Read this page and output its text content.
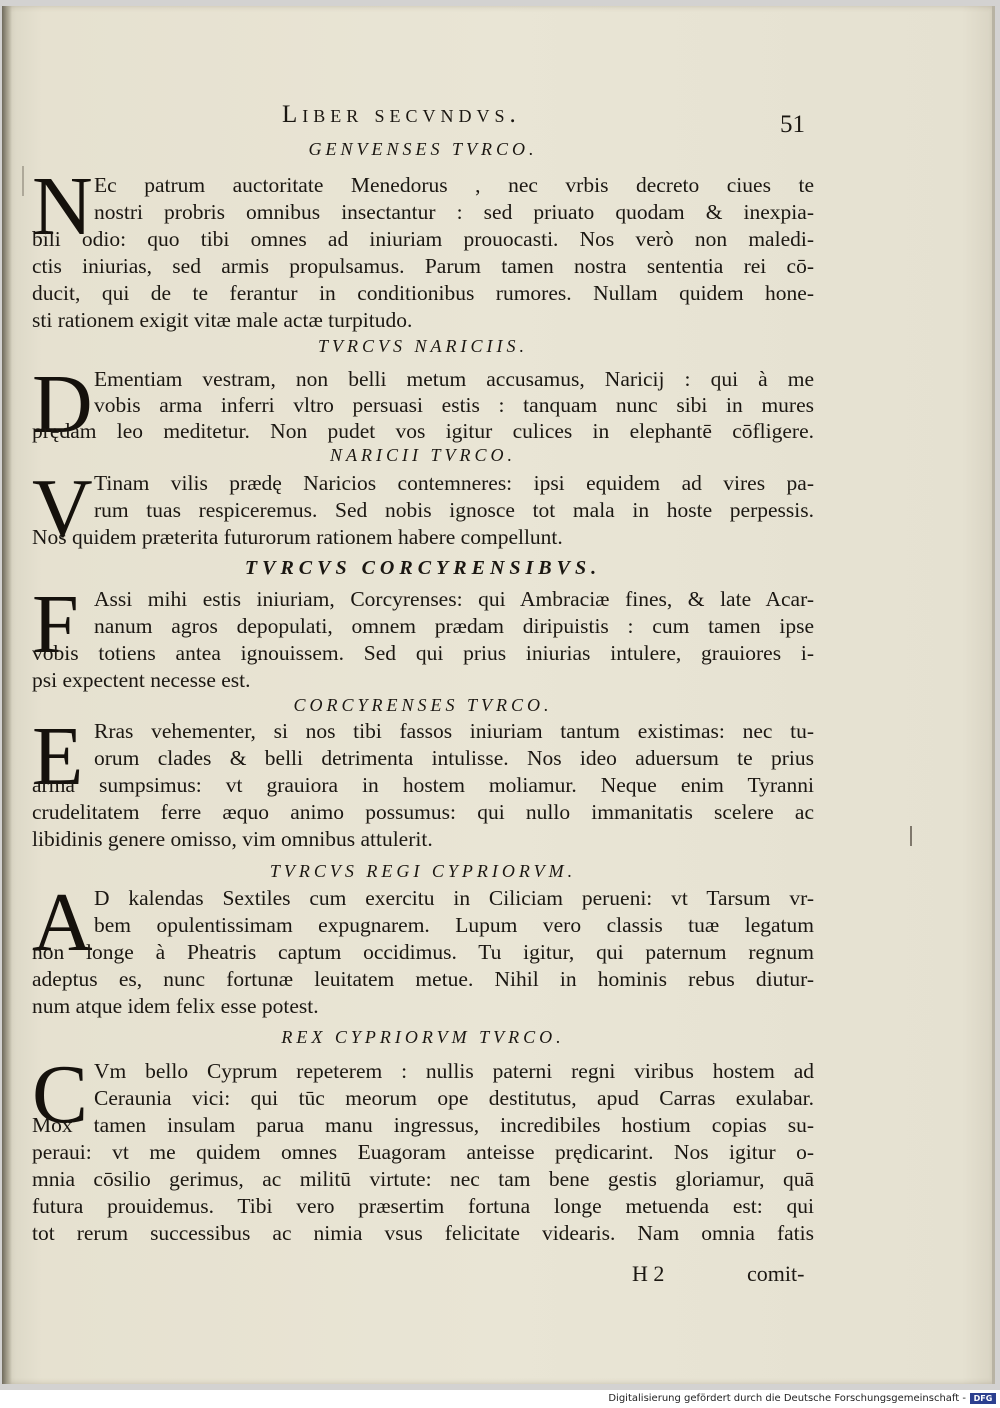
Liber secvndvs.	51
GENVENSES TVRCO.
N Ec patrum auctoritate Menedorus , nec vrbis decreto ciues te
nostri probris omnibus insectantur : sed priuato quodam & inexpia-
bili odio: quo tibi omnes ad iniuriam prouocasti. Nos verò non maledi-
ctis iniurias, sed armis propulsamus. Parum tamen nostra sententia rei cō-
ducit, qui de te ferantur in conditionibus rumores. Nullam quidem hone-
sti rationem exigit vitæ male actæ turpitudo.
TVRCVS NARICIIS.
D Ementiam vestram, non belli metum accusamus, Naricij : qui à me
vobis arma inferri vltro persuasi estis : tanquam nunc sibi in mures
prędam leo meditetur. Non pudet vos igitur culices in elephantē cōfligere.
NARICII TVRCO.
V Tinam vilis prædę Naricios contemneres: ipsi equidem ad vires pa-
rum tuas respiceremus. Sed nobis ignosce tot mala in hoste perpessis.
Nos quidem præterita futurorum rationem habere compellunt.
TVRCVS CORCYRENSIBVS.
F Assi mihi estis iniuriam, Corcyrenses: qui Ambraciæ fines, & late Acar-
nanum agros depopulati, omnem prædam diripuistis : cum tamen ipse
vobis totiens antea ignouissem. Sed qui prius iniurias intulere, grauiores i-
psi expectent necesse est.
CORCYRENSES TVRCO.
E Rras vehementer, si nos tibi fassos iniuriam tantum existimas: nec tu-
orum clades & belli detrimenta intulisse. Nos ideo aduersum te prius
arma sumpsimus: vt grauiora in hostem moliamur. Neque enim Tyranni
crudelitatem ferre æquo animo possumus: qui nullo immanitatis scelere ac
libidinis genere omisso, vim omnibus attulerit.
TVRCVS REGI CYPRIORVM.
A D kalendas Sextiles cum exercitu in Ciliciam perueni: vt Tarsum vr-
bem opulentissimam expugnarem. Lupum vero classis tuæ legatum
non longe à Pheatris captum occidimus. Tu igitur, qui paternum regnum
adeptus es, nunc fortunæ leuitatem metue. Nihil in hominis rebus diutur-
num atque idem felix esse potest.
REX CYPRIORVM TVRCO.
C Vm bello Cyprum repeterem : nullis paterni regni viribus hostem ad
Ceraunia vici: qui tūc meorum ope destitutus, apud Carras exulabar.
Mox tamen insulam parua manu ingressus, incredibiles hostium copias su-
peraui: vt me quidem omnes Euagoram anteisse prędicarint. Nos igitur o-
mnia cōsilio gerimus, ac militū virtute: nec tam bene gestis gloriamur, quā
futura prouidemus. Tibi vero præsertim fortuna longe metuenda est: qui
tot rerum successibus ac nimia vsus felicitate videaris. Nam omnia fatis
H 2	comit-
Digitalisierung gefördert durch die Deutsche Forschungsgemeinschaft - DFG
